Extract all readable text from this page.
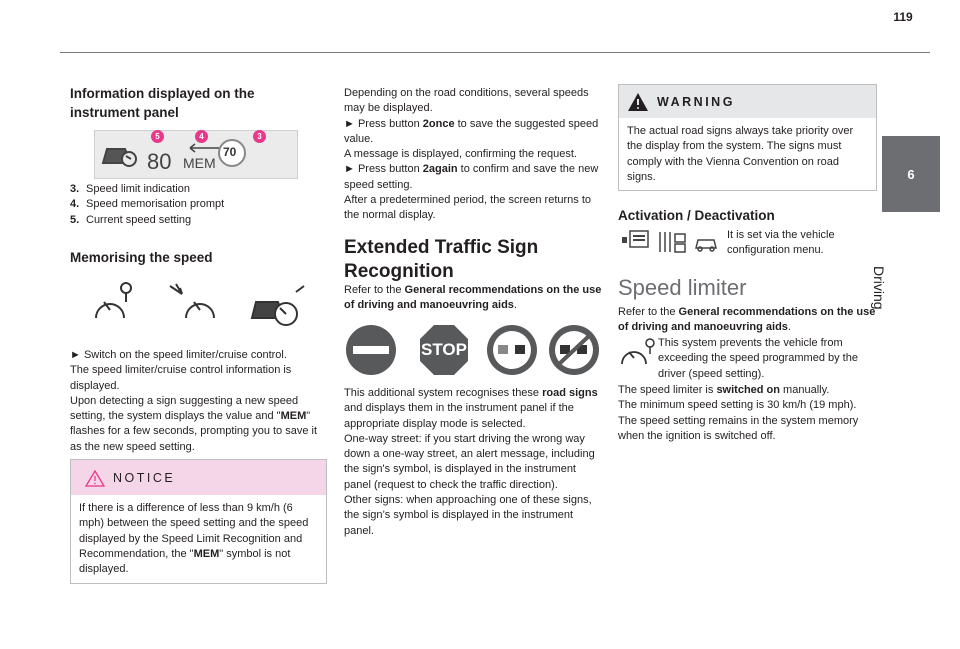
119
6
Driving
Information displayed on the instrument panel
80 MEM
70
5	4	3
3. Speed limit indication
4. Speed memorisation prompt
5. Current speed setting
Memorising the speed

► Switch on the speed limiter/cruise control.

The speed limiter/cruise control information is displayed.

Upon detecting a sign suggesting a new speed setting, the system displays the value and "MEM" flashes for a few seconds, prompting you to save it as the new speed setting.

NOTICE

If there is a difference of less than 9 km/h (6 mph) between the speed setting and the speed displayed by the Speed Limit Recognition and Recommendation, the "MEM" symbol is not displayed.

Depending on the road conditions, several speeds may be displayed.

► Press button 2once to save the suggested speed value.

A message is displayed, confirming the request.

► Press button 2again to confirm and save the new speed setting.

After a predetermined period, the screen returns to the normal display.

Extended Traffic Sign Recognition

Refer to the General recommendations on the use of driving and manoeuvring aids.

STOP

This additional system recognises these road signs and displays them in the instrument panel if the appropriate display mode is selected.

One-way street: if you start driving the wrong way down a one-way street, an alert message, including the sign's symbol, is displayed in the instrument panel (request to check the traffic direction).

Other signs: when approaching one of these signs, the sign’s symbol is displayed in the instrument panel.

WARNING

The actual road signs always take priority over the display from the system. The signs must comply with the Vienna Convention on road signs.

Activation / Deactivation

It is set via the vehicle configuration menu.

Speed limiter

Refer to the General recommendations on the use of driving and manoeuvring aids.

This system prevents the vehicle from exceeding the speed programmed by the driver (speed setting).

The speed limiter is switched on manually.

The minimum speed setting is 30 km/h (19 mph).

The speed setting remains in the system memory when the ignition is switched off.
